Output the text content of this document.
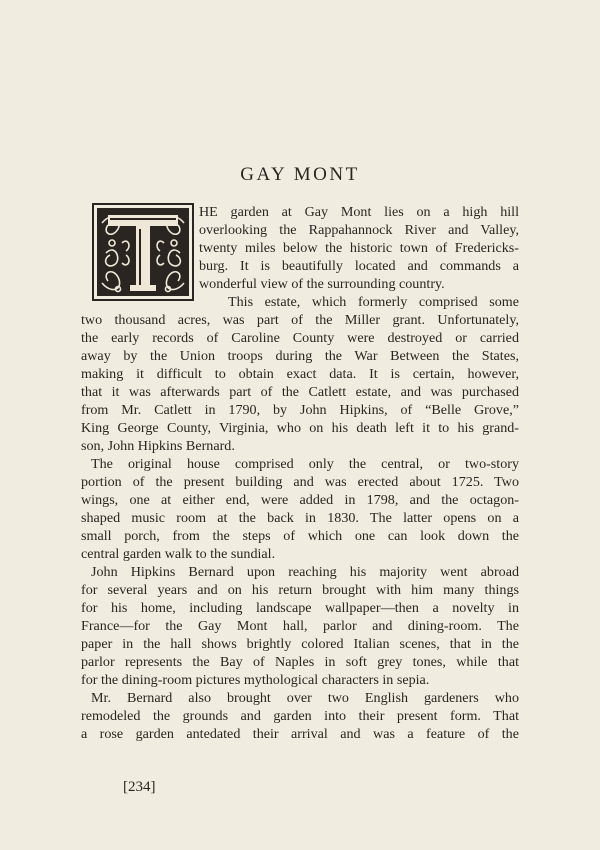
GAY MONT
HE garden at Gay Mont lies on a high hill
overlooking the Rappahannock River and Valley,
twenty miles below the historic town of Fredericks-
burg. It is beautifully located and commands a
wonderful view of the surrounding country.
This estate, which formerly comprised some
two thousand acres, was part of the Miller grant. Unfortunately,
the early records of Caroline County were destroyed or carried
away by the Union troops during the War Between the States,
making it difficult to obtain exact data. It is certain, however,
that it was afterwards part of the Catlett estate, and was purchased
from Mr. Catlett in 1790, by John Hipkins, of “Belle Grove,”
King George County, Virginia, who on his death left it to his grand-
son, John Hipkins Bernard.
The original house comprised only the central, or two-story
portion of the present building and was erected about 1725. Two
wings, one at either end, were added in 1798, and the octagon-
shaped music room at the back in 1830. The latter opens on a
small porch, from the steps of which one can look down the
central garden walk to the sundial.
John Hipkins Bernard upon reaching his majority went abroad
for several years and on his return brought with him many things
for his home, including landscape wallpaper—then a novelty in
France—for the Gay Mont hall, parlor and dining-room. The
paper in the hall shows brightly colored Italian scenes, that in the
parlor represents the Bay of Naples in soft grey tones, while that
for the dining-room pictures mythological characters in sepia.
Mr. Bernard also brought over two English gardeners who
remodeled the grounds and garden into their present form. That
a rose garden antedated their arrival and was a feature of the
[234]
